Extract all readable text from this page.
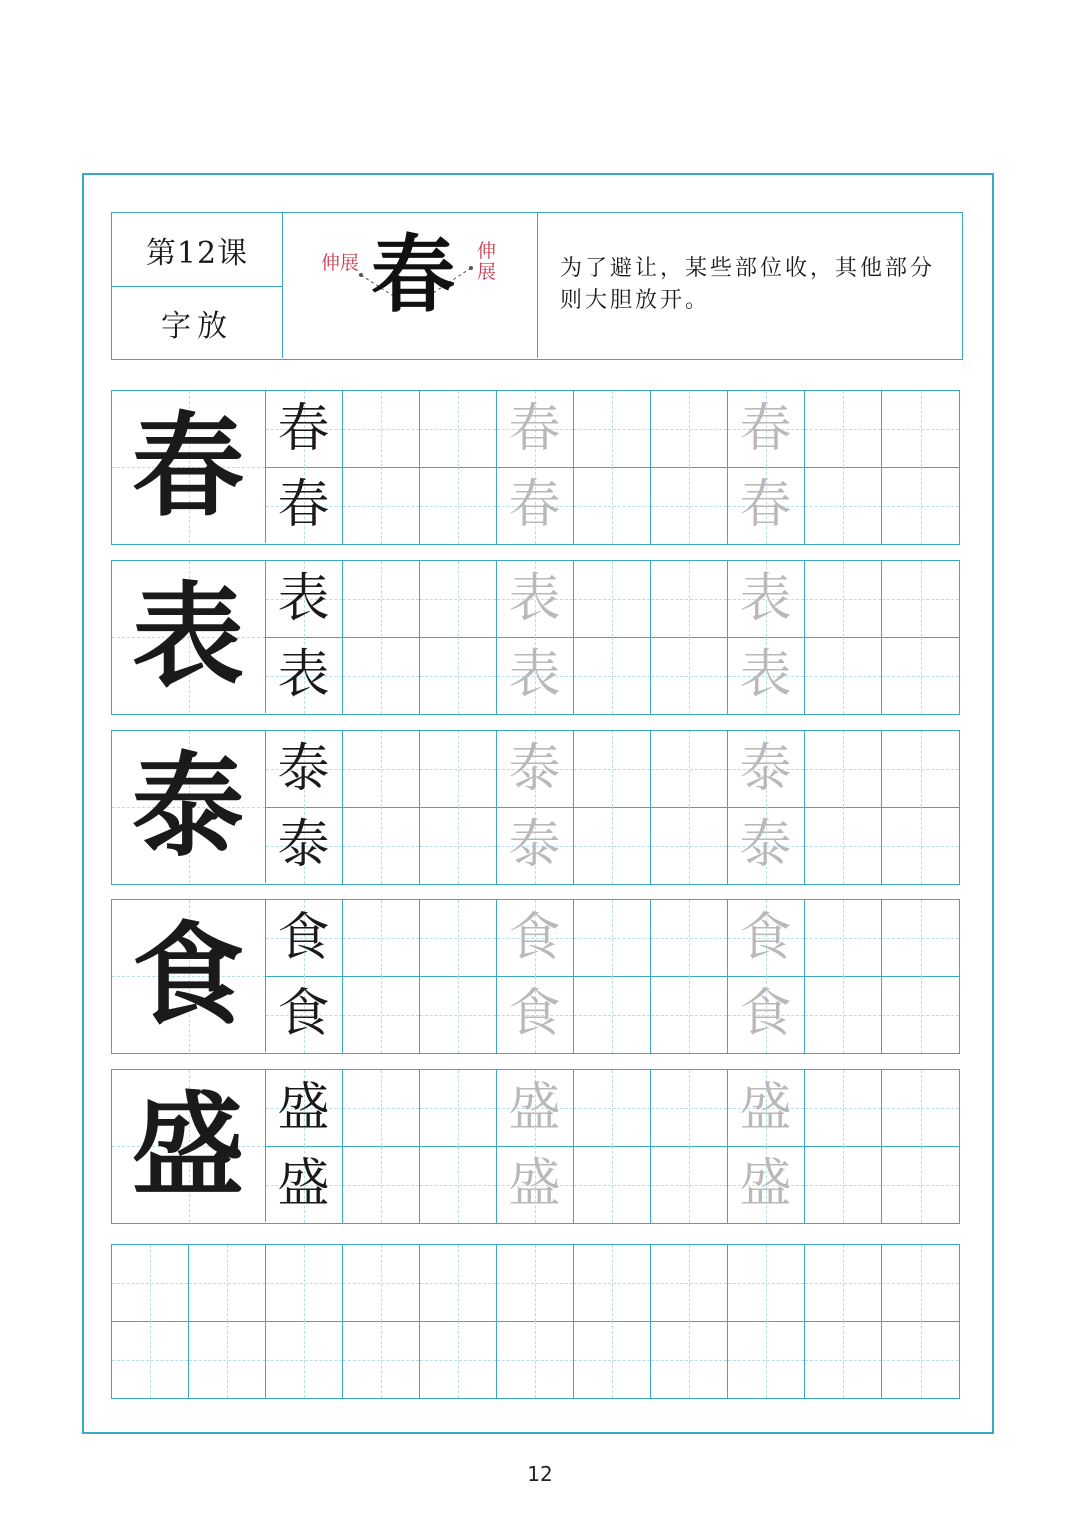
第12课
字放
伸展
伸展
春	为了避让，某些部位收，其他部分则大胆放开。
春 春	春	春
春	春	春
表 表	表	表
表	表	表
泰 泰	泰	泰
泰	泰	泰
食 食	食	食
食	食	食
盛 盛	盛	盛
盛	盛	盛
12
